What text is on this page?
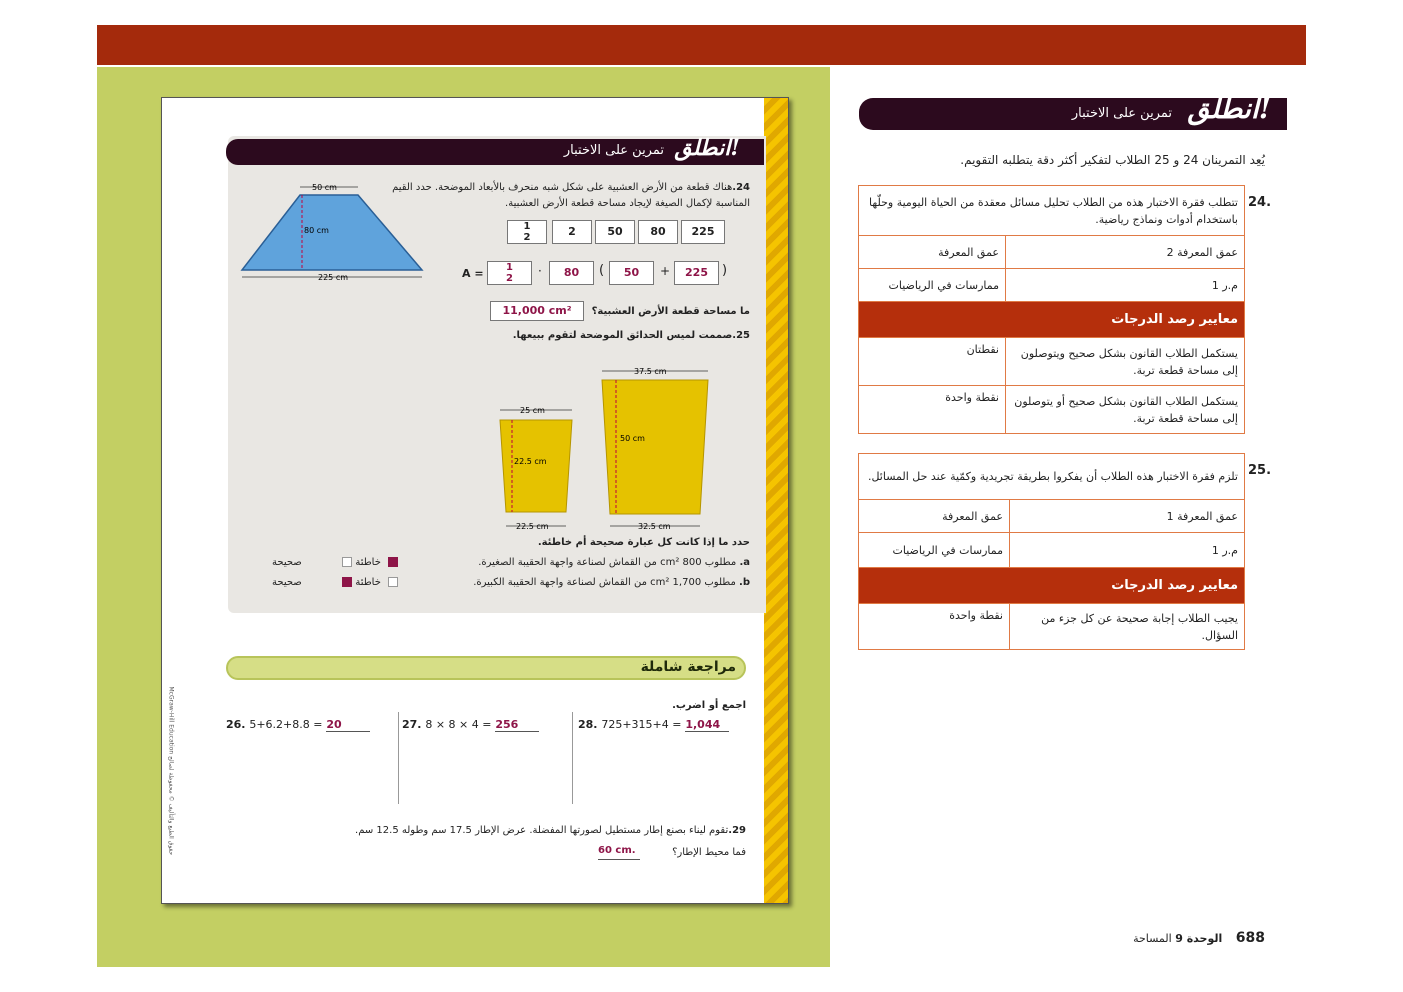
تمرين على الاختبار انطلق!
24.هناك قطعة من الأرض العشبية على شكل شبه منحرف بالأبعاد الموضحة. حدد القيم
المناسبة لإكمال الصيغة لإيجاد مساحة قطعة الأرض العشبية.
50 cm
80 cm
225 cm
1
2	2	50	80	225
A =	1
2
·	80	(	50	+	225	)
ما مساحة قطعة الأرض العشبية؟
11,000 cm²
25.صممت لميس الحدائق الموضحة لتقوم ببيعها.
25 cm
22.5 cm
22.5 cm
37.5 cm
50 cm
32.5 cm
حدد ما إذا كانت كل عبارة صحيحة أم خاطئة.
a. مطلوب 800 cm² من القماش لصناعة واجهة الحقيبة الصغيرة.
b. مطلوب 1,700 cm² من القماش لصناعة واجهة الحقيبة الكبيرة.
خاطئة   صحيحة
خاطئة   صحيحة
مراجعة شاملة
اجمع أو اضرب.
26. 5+6.2+8.8 = 20	27. 8 × 8 × 4 = 256	28. 725+315+4 = 1,044
29.تقوم ليناء بصنع إطار مستطيل لصورتها المفضلة. عرض الإطار 17.5 سم وطوله 12.5 سم.
فما محيط الإطار؟
60 cm.
McGraw-Hill Education حقوق الطبع والتأليف © محفوظة لصالح
تمرين على الاختبار انطلق!
يُعِد التمرينان 24 و 25 الطلاب لتفكير أكثر دقة يتطلبه التقويم.
24.
تتطلب فقرة الاختبار هذه من الطلاب تحليل مسائل معقدة من الحياة اليومية وحلّها باستخدام أدوات ونماذج رياضية.	
عمق المعرفة	عمق المعرفة 2
ممارسات في الرياضيات	م.ر 1
معايير رصد الدرجات	
نقطتان	يستكمل الطلاب القانون بشكل صحيح ويتوصلون إلى مساحة قطعة تربة.
نقطة واحدة	يستكمل الطلاب القانون بشكل صحيح أو يتوصلون إلى مساحة قطعة تربة.
25.
تلزم فقرة الاختبار هذه الطلاب أن يفكروا بطريقة تجريدية وكمّية عند حل المسائل.	
عمق المعرفة	عمق المعرفة 1
ممارسات في الرياضيات	م.ر 1
معايير رصد الدرجات	
نقطة واحدة	يجيب الطلاب إجابة صحيحة عن كل جزء من السؤال.
688 الوحدة 9 المساحة
